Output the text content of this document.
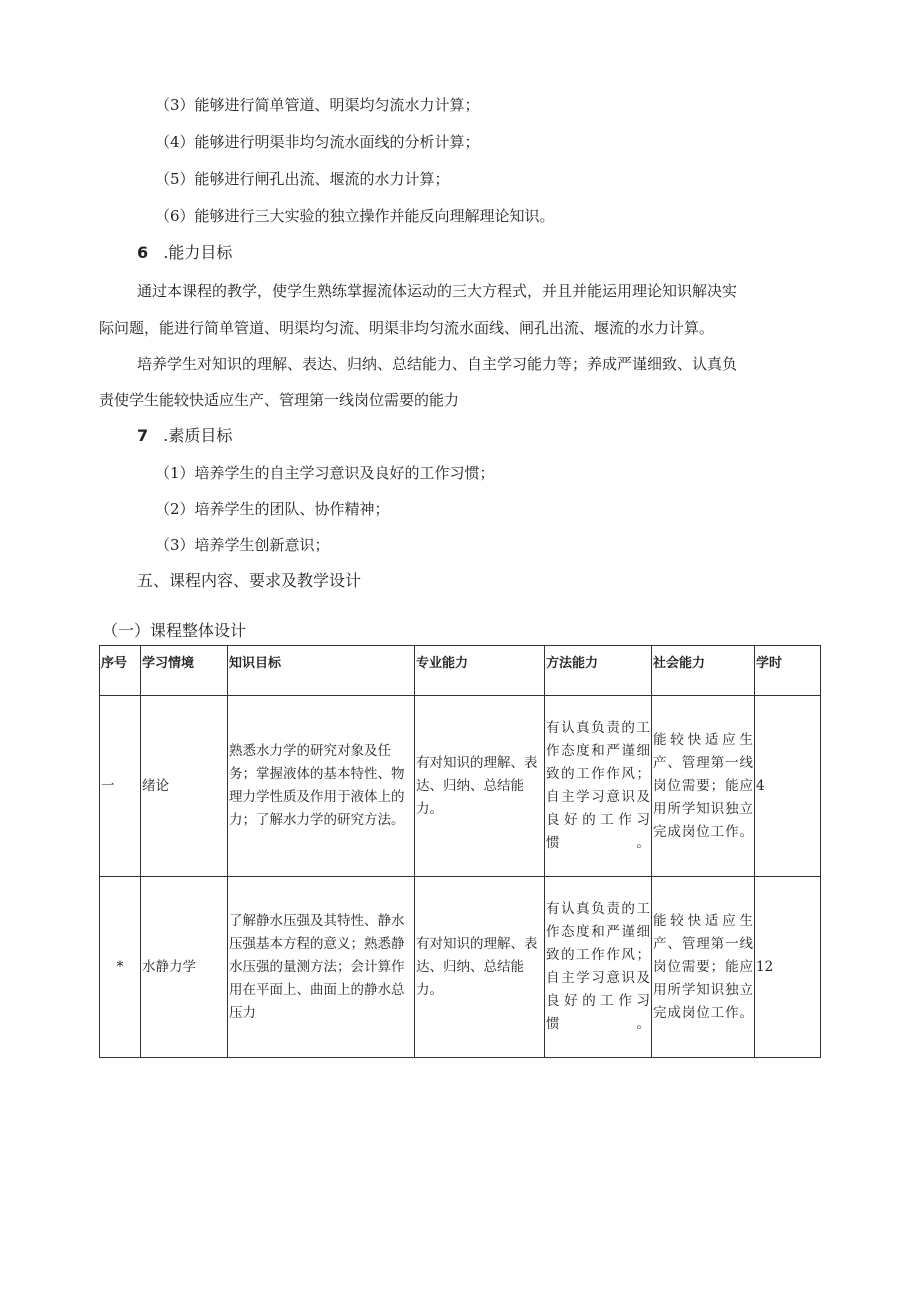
（3）能够进行简单管道、明渠均匀流水力计算；
（4）能够进行明渠非均匀流水面线的分析计算；
（5）能够进行闸孔出流、堰流的水力计算；
（6）能够进行三大实验的独立操作并能反向理解理论知识。
6 .能力目标
通过本课程的教学，使学生熟练掌握流体运动的三大方程式，并且并能运用理论知识解决实
际问题，能进行简单管道、明渠均匀流、明渠非均匀流水面线、闸孔出流、堰流的水力计算。
培养学生对知识的理解、表达、归纳、总结能力、自主学习能力等；养成严谨细致、认真负
责使学生能较快适应生产、管理第一线岗位需要的能力
7 .素质目标
（1）培养学生的自主学习意识及良好的工作习惯；
（2）培养学生的团队、协作精神；
（3）培养学生创新意识；
五、课程内容、要求及教学设计
（一）课程整体设计
序号	学习情境	知识目标	专业能力	方法能力	社会能力	学时
一	绪论	熟悉水力学的研究对象及任务；掌握液体的基本特性、物理力学性质及作用于液体上的力；了解水力学的研究方法。	有对知识的理解、表达、归纳、总结能力。	有认真负责的工作态度和严谨细致的工作作风；自主学习意识及良好的工作习惯。	能较快适应生产、管理第一线岗位需要；能应用所学知识独立完成岗位工作。	4
*	水静力学	了解静水压强及其特性、静水压强基本方程的意义；熟悉静水压强的量测方法；会计算作用在平面上、曲面上的静水总压力	有对知识的理解、表达、归纳、总结能力。	有认真负责的工作态度和严谨细致的工作作风；自主学习意识及良好的工作习惯。	能较快适应生产、管理第一线岗位需要；能应用所学知识独立完成岗位工作。	12
